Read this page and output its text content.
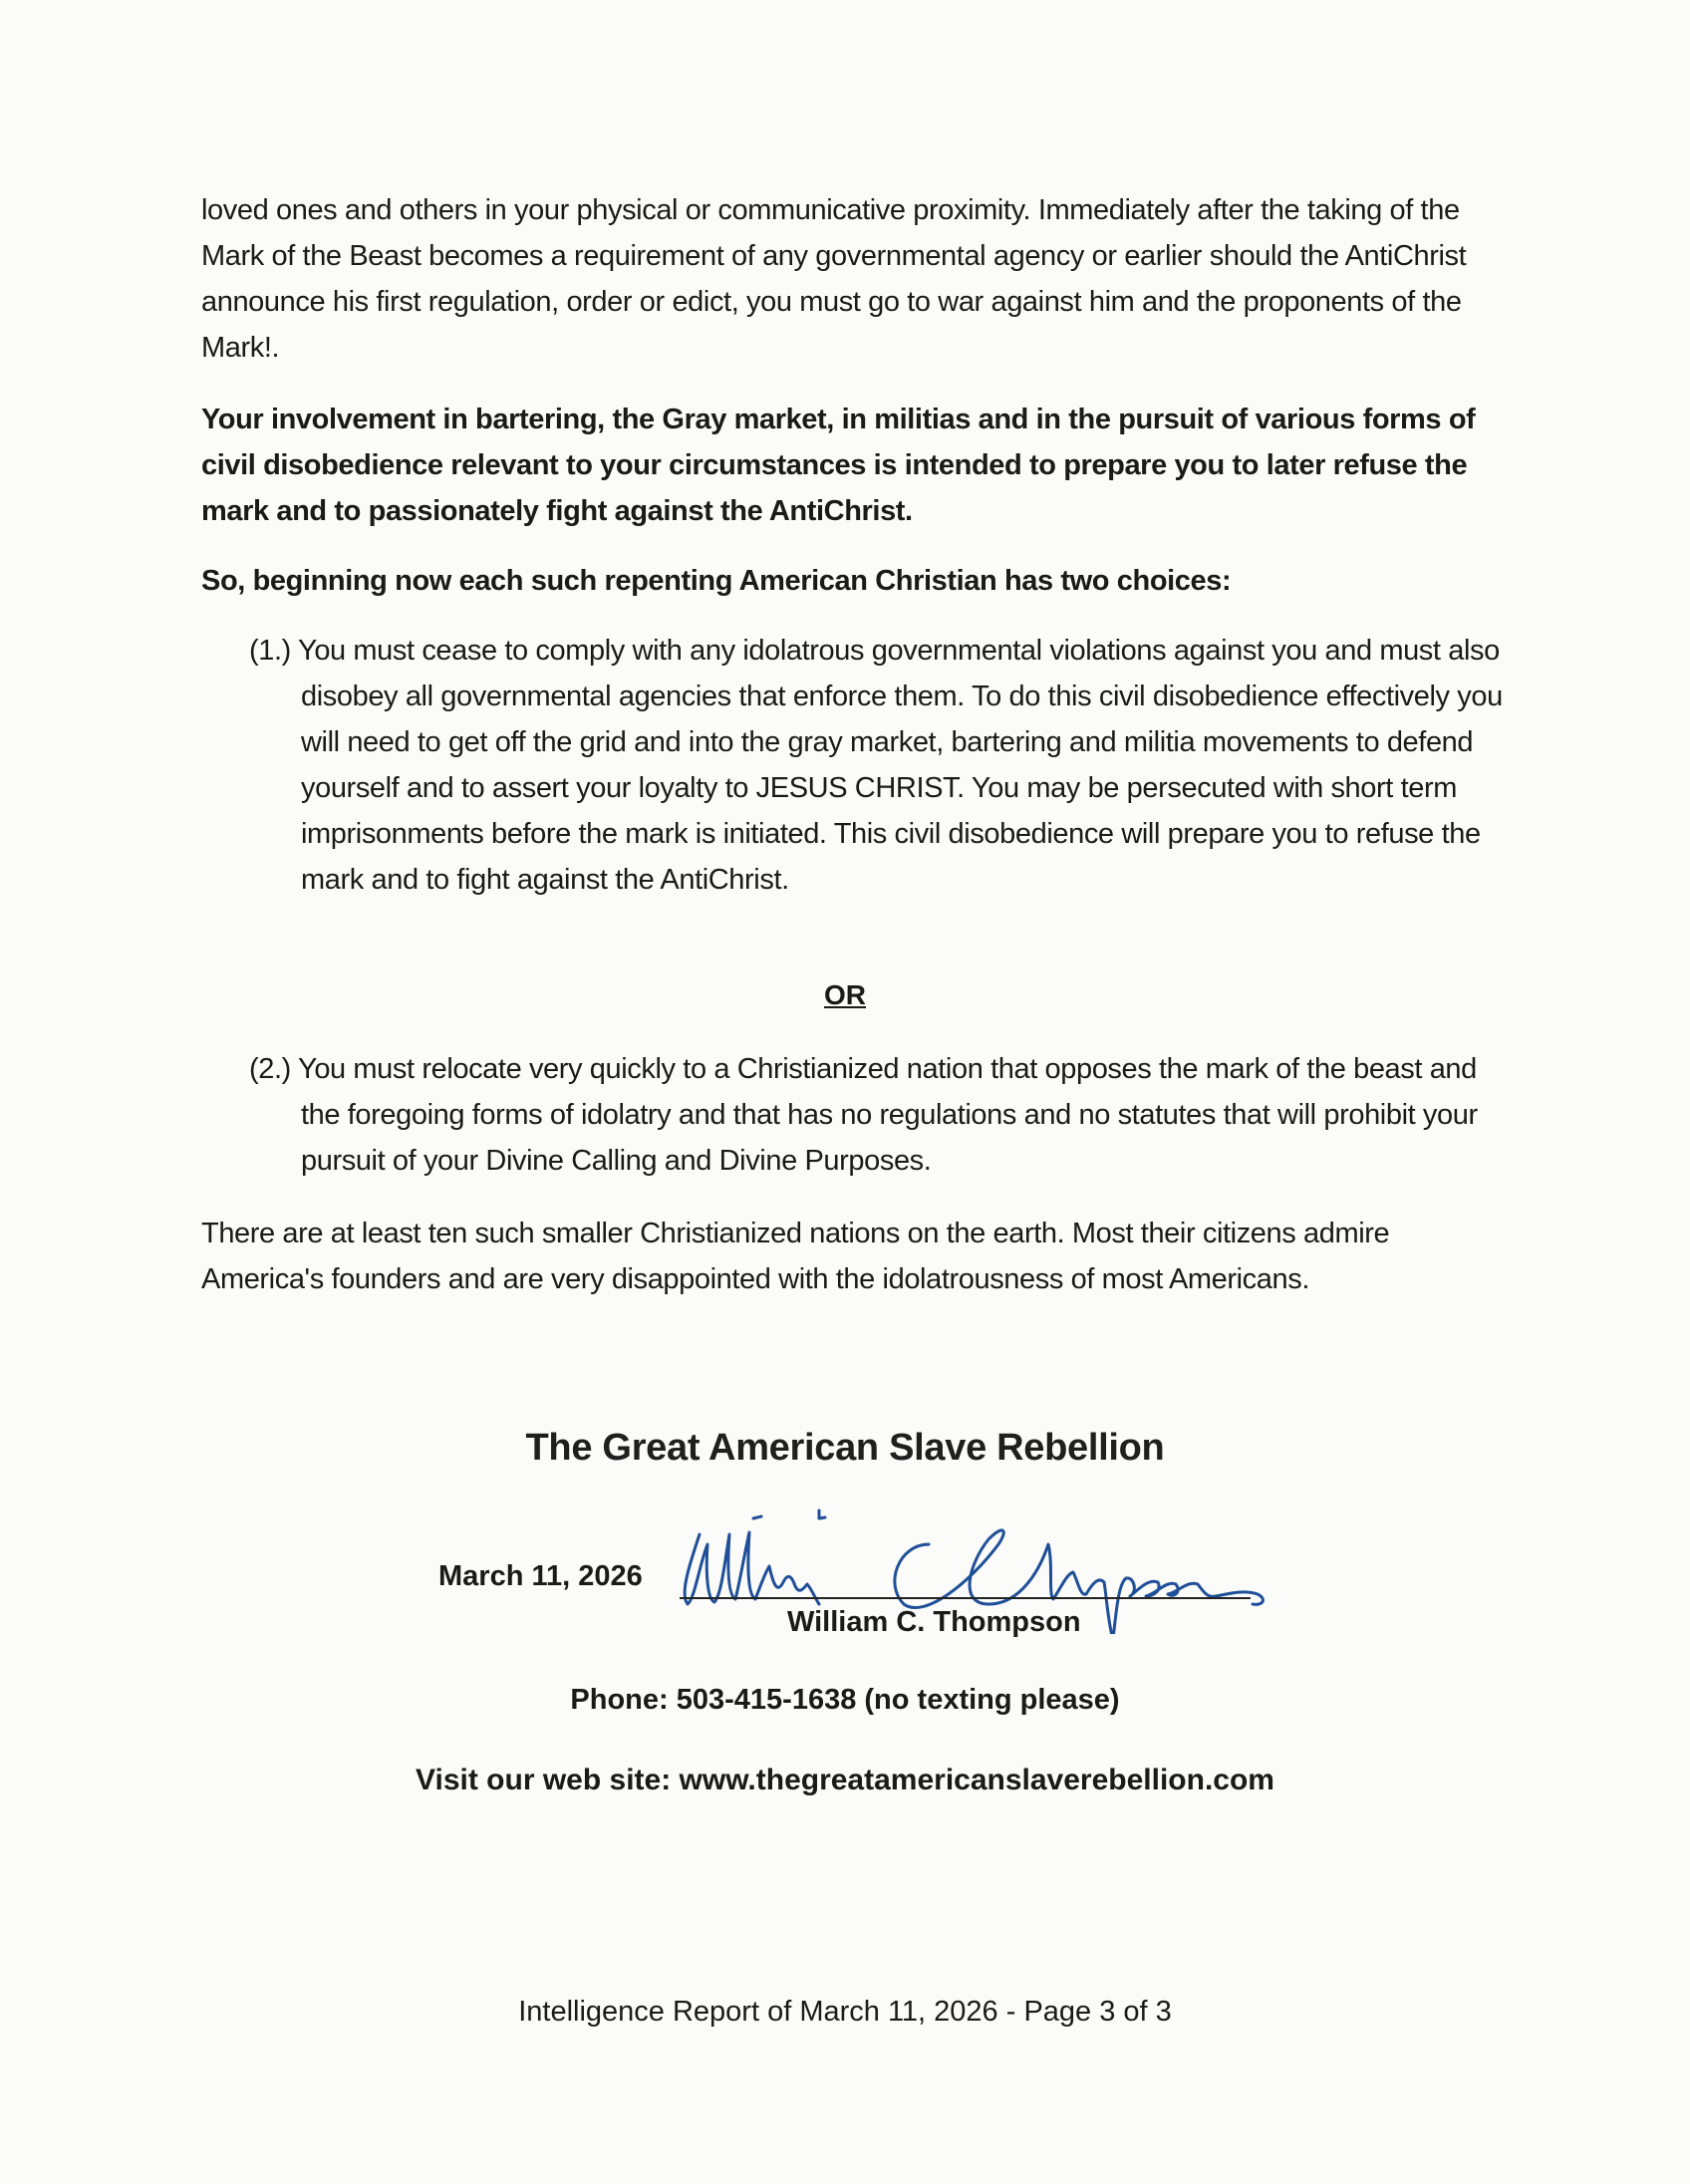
loved ones and others in your physical or communicative proximity. Immediately after the taking of the Mark of the Beast becomes a requirement of any governmental agency or earlier should the AntiChrist announce his first regulation, order or edict, you must go to war against him and the proponents of the Mark!.
Your involvement in bartering, the Gray market, in militias and in the pursuit of various forms of civil disobedience relevant to your circumstances is intended to prepare you to later refuse the mark and to passionately fight against the AntiChrist.
So, beginning now each such repenting American Christian has two choices:
(1.) You must cease to comply with any idolatrous governmental violations against you and must also disobey all governmental agencies that enforce them. To do this civil disobedience effectively you will need to get off the grid and into the gray market, bartering and militia movements to defend yourself and to assert your loyalty to JESUS CHRIST. You may be persecuted with short term imprisonments before the mark is initiated. This civil disobedience will prepare you to refuse the mark and to fight against the AntiChrist.
OR
(2.) You must relocate very quickly to a Christianized nation that opposes the mark of the beast and the foregoing forms of idolatry and that has no regulations and no statutes that will prohibit your pursuit of your Divine Calling and Divine Purposes.
There are at least ten such smaller Christianized nations on the earth. Most their citizens admire America's founders and are very disappointed with the idolatrousness of most Americans.
The Great American Slave Rebellion
March 11, 2026
William C. Thompson
Phone: 503-415-1638 (no texting please)
Visit our web site: www.thegreatamericanslaverebellion.com
Intelligence Report of March 11, 2026 - Page 3 of 3
